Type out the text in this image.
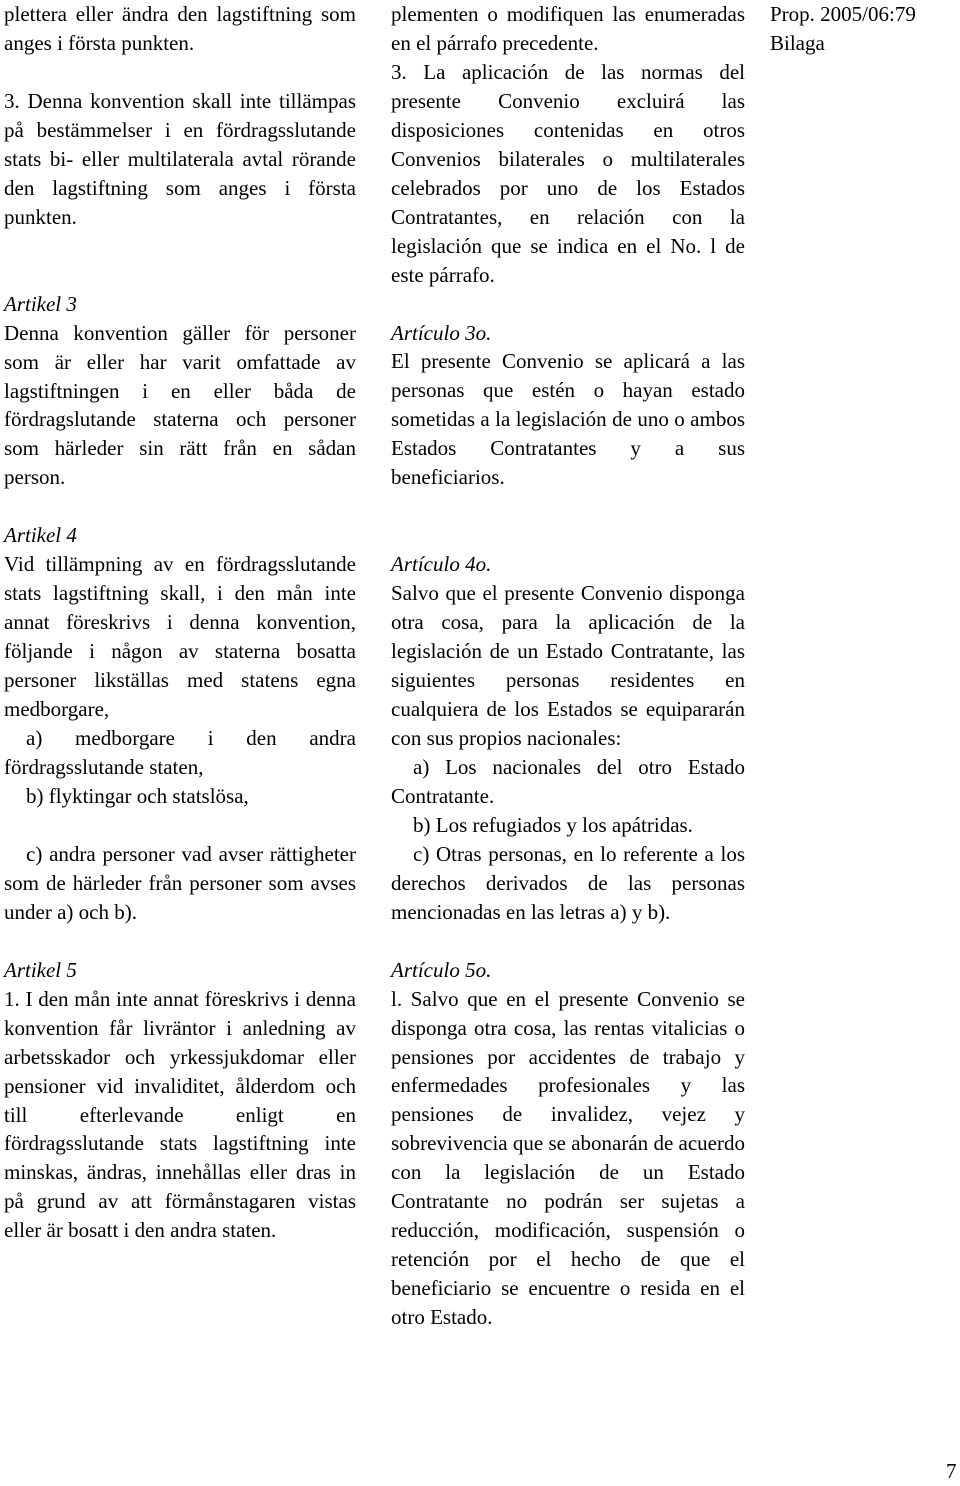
plettera eller ändra den lagstiftning som anges i första punkten.

3. Denna konvention skall inte tillämpas på bestämmelser i en fördragsslutande stats bi- eller multilaterala avtal rörande den lagstiftning som anges i första punkten.

Artikel 3

Denna konvention gäller för personer som är eller har varit omfattade av lagstiftningen i en eller båda de fördragslutande staterna och personer som härleder sin rätt från en sådan person.

Artikel 4

Vid tillämpning av en fördragsslutande stats lagstiftning skall, i den mån inte annat föreskrivs i denna konvention, följande i någon av staterna bosatta personer likställas med statens egna medborgare,

a) medborgare i den andra fördragsslutande staten,

b) flyktingar och statslösa,

c) andra personer vad avser rättigheter som de härleder från personer som avses under a) och b).

Artikel 5

1. I den mån inte annat föreskrivs i denna konvention får livräntor i anledning av arbetsskador och yrkessjukdomar eller pensioner vid invaliditet, ålderdom och till efterlevande enligt en fördragsslutande stats lagstiftning inte minskas, ändras, innehållas eller dras in på grund av att förmånstagaren vistas eller är bosatt i den andra staten.

plementen o modifiquen las enumeradas en el párrafo precedente.

3. La aplicación de las normas del presente Convenio excluirá las disposiciones contenidas en otros Convenios bilaterales o multilaterales celebrados por uno de los Estados Contratantes, en relación con la legislación que se indica en el No. l de este párrafo.

Artículo 3o.

El presente Convenio se aplicará a las personas que estén o hayan estado sometidas a la legislación de uno o ambos Estados Contratantes y a sus beneficiarios.

Artículo 4o.

Salvo que el presente Convenio disponga otra cosa, para la aplicación de la legislación de un Estado Contratante, las siguientes personas residentes en cualquiera de los Estados se equipararán con sus propios nacionales:

a) Los nacionales del otro Estado Contratante.

b) Los refugiados y los apátridas.

c) Otras personas, en lo referente a los derechos derivados de las personas mencionadas en las letras a) y b).

Artículo 5o.

l. Salvo que en el presente Convenio se disponga otra cosa, las rentas vitalicias o pensiones por accidentes de trabajo y enfermedades profesionales y las pensiones de invalidez, vejez y sobrevivencia que se abonarán de acuerdo con la legislación de un Estado Contratante no podrán ser sujetas a reducción, modificación, suspensión o retención por el hecho de que el beneficiario se encuentre o resida en el otro Estado.

Prop. 2005/06:79
Bilaga
7
